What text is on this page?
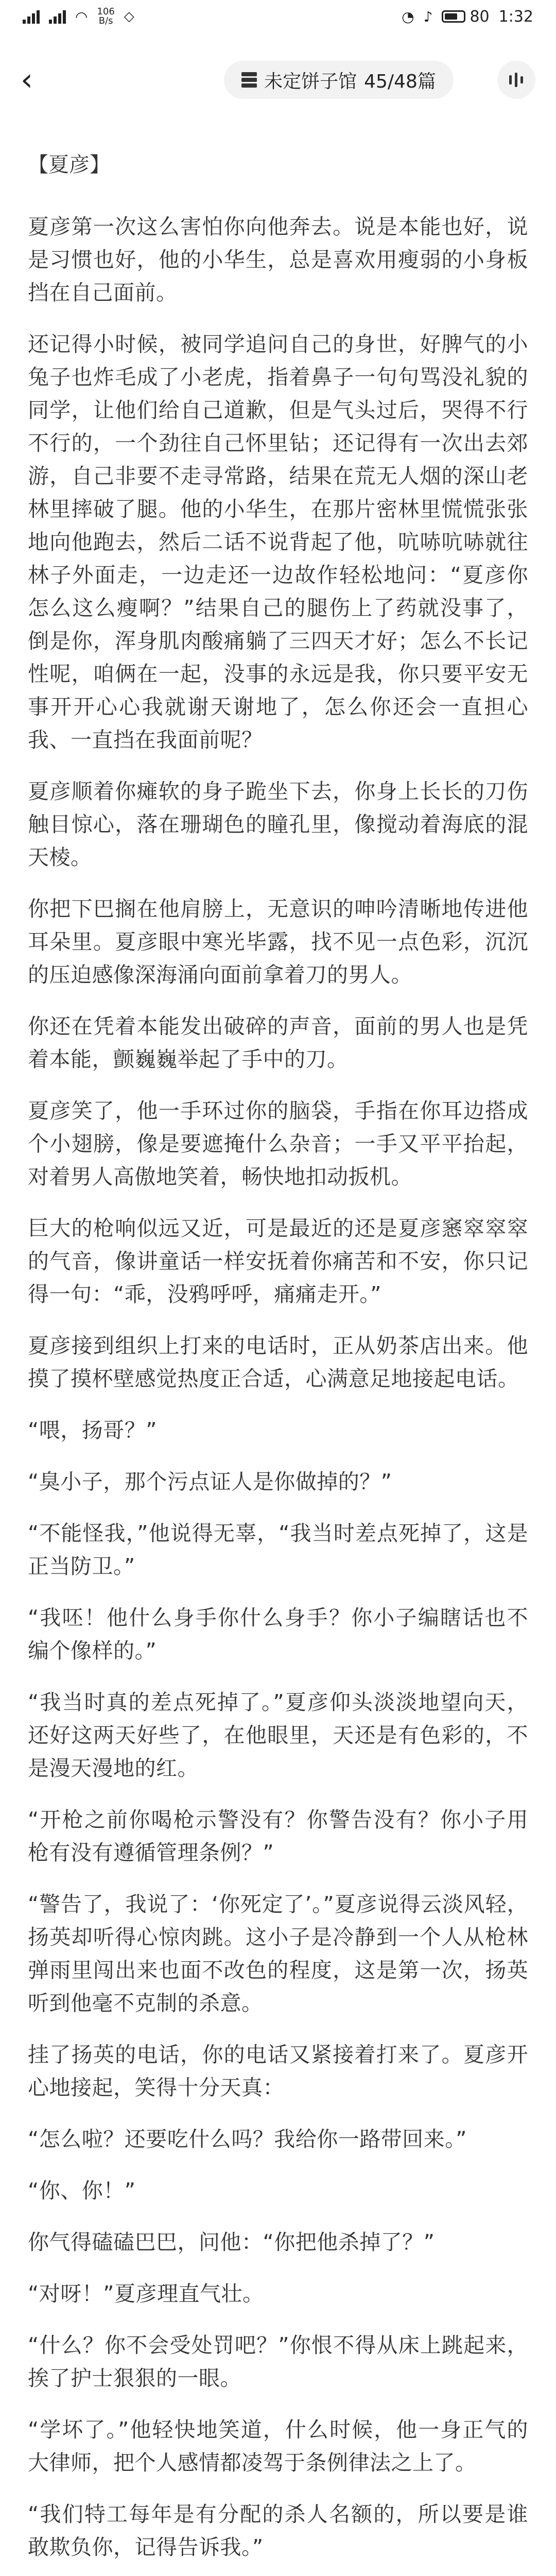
◠ 106
B/s ◇	◔ ♪ 80 1:32
‹	未定饼子馆 45/48篇
【夏彦】

夏彦第一次这么害怕你向他奔去。说是本能也好，说是习惯也好，他的小华生，总是喜欢用瘦弱的小身板挡在自己面前。

还记得小时候，被同学追问自己的身世，好脾气的小兔子也炸毛成了小老虎，指着鼻子一句句骂没礼貌的同学，让他们给自己道歉，但是气头过后，哭得不行不行的，一个劲往自己怀里钻；还记得有一次出去郊游，自己非要不走寻常路，结果在荒无人烟的深山老林里摔破了腿。他的小华生，在那片密林里慌慌张张地向他跑去，然后二话不说背起了他，吭哧吭哧就往林子外面走，一边走还一边故作轻松地问：“夏彦你怎么这么瘦啊？”结果自己的腿伤上了药就没事了，倒是你，浑身肌肉酸痛躺了三四天才好；怎么不长记性呢，咱俩在一起，没事的永远是我，你只要平安无事开开心心我就谢天谢地了，怎么你还会一直担心我、一直挡在我面前呢？

夏彦顺着你瘫软的身子跪坐下去，你身上长长的刀伤触目惊心，落在珊瑚色的瞳孔里，像搅动着海底的混天棱。

你把下巴搁在他肩膀上，无意识的呻吟清晰地传进他耳朵里。夏彦眼中寒光毕露，找不见一点色彩，沉沉的压迫感像深海涌向面前拿着刀的男人。

你还在凭着本能发出破碎的声音，面前的男人也是凭着本能，颤巍巍举起了手中的刀。

夏彦笑了，他一手环过你的脑袋，手指在你耳边搭成个小翅膀，像是要遮掩什么杂音；一手又平平抬起，对着男人高傲地笑着，畅快地扣动扳机。

巨大的枪响似远又近，可是最近的还是夏彦窸窣窣窣的气音，像讲童话一样安抚着你痛苦和不安，你只记得一句：“乖，没鸦呼呼，痛痛走开。”

夏彦接到组织上打来的电话时，正从奶茶店出来。他摸了摸杯壁感觉热度正合适，心满意足地接起电话。

“喂，扬哥？”

“臭小子，那个污点证人是你做掉的？”

“不能怪我，”他说得无辜，“我当时差点死掉了，这是正当防卫。”

“我呸！他什么身手你什么身手？你小子编瞎话也不编个像样的。”

“我当时真的差点死掉了。”夏彦仰头淡淡地望向天，还好这两天好些了，在他眼里，天还是有色彩的，不是漫天漫地的红。

“开枪之前你喝枪示警没有？你警告没有？你小子用枪有没有遵循管理条例？”

“警告了，我说了：‘你死定了’。”夏彦说得云淡风轻，扬英却听得心惊肉跳。这小子是冷静到一个人从枪林弹雨里闯出来也面不改色的程度，这是第一次，扬英听到他毫不克制的杀意。

挂了扬英的电话，你的电话又紧接着打来了。夏彦开心地接起，笑得十分天真：

“怎么啦？还要吃什么吗？我给你一路带回来。”

“你、你！”

你气得磕磕巴巴，问他：“你把他杀掉了？”

“对呀！”夏彦理直气壮。

“什么？你不会受处罚吧？”你恨不得从床上跳起来，挨了护士狠狠的一眼。

“学坏了。”他轻快地笑道，什么时候，他一身正气的大律师，把个人感情都凌驾于条例律法之上了。

“我们特工每年是有分配的杀人名额的，所以要是谁敢欺负你，记得告诉我。”
